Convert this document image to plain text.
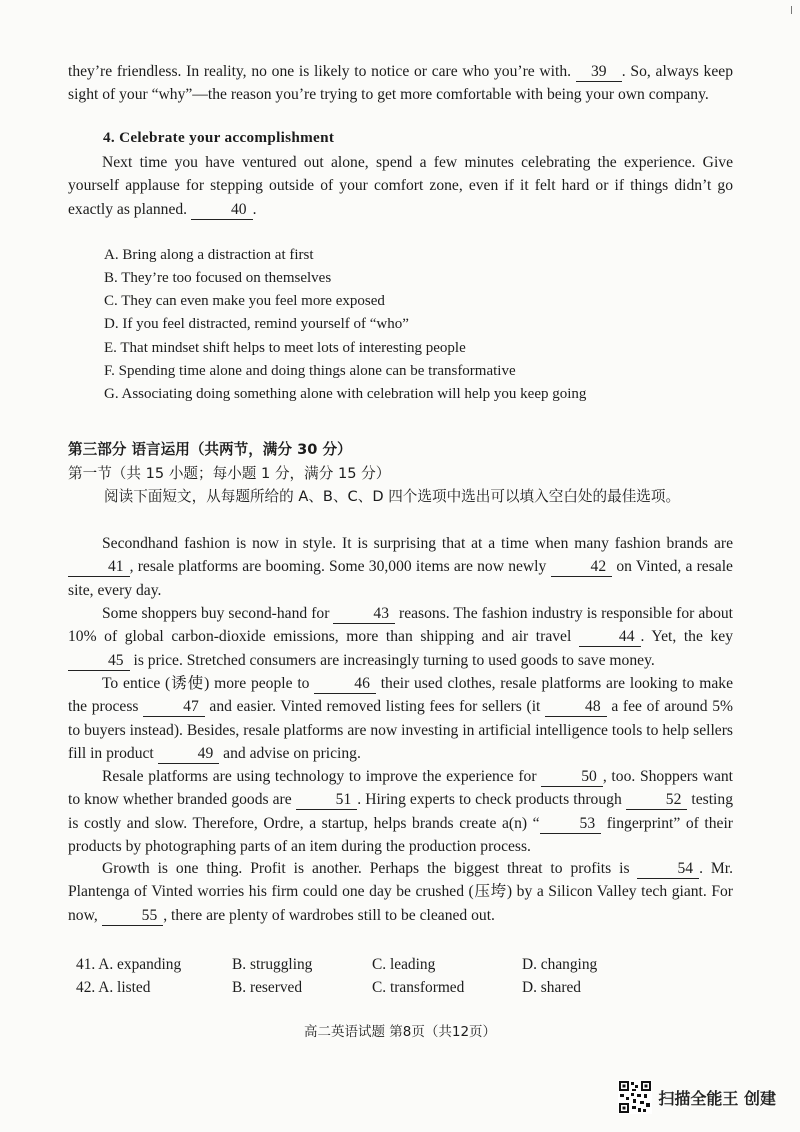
they’re friendless. In reality, no one is likely to notice or care who you’re with. 39 . So, always keep sight of your “why”—the reason you’re trying to get more comfortable with being your own company.
4. Celebrate your accomplishment
Next time you have ventured out alone, spend a few minutes celebrating the experience. Give yourself applause for stepping outside of your comfort zone, even if it felt hard or if things didn’t go exactly as planned.	40 .
A. Bring along a distraction at first
B. They’re too focused on themselves
C. They can even make you feel more exposed
D. If you feel distracted, remind yourself of “who”
E. That mindset shift helps to meet lots of interesting people
F. Spending time alone and doing things alone can be transformative
G. Associating doing something alone with celebration will help you keep going
第三部分 语言运用（共两节，满分 30 分）
第一节（共 15 小题；每小题 1 分，满分 15 分）
阅读下面短文，从每题所给的 A、B、C、D 四个选项中选出可以填入空白处的最佳选项。
Secondhand fashion is now in style. It is surprising that at a time when many fashion brands are 41 , resale platforms are booming. Some 30,000 items are now newly	42 on Vinted, a resale site, every day.
Some shoppers buy second-hand for	43 reasons. The fashion industry is responsible for about 10% of global carbon-dioxide emissions, more than shipping and air travel	44 . Yet, the key 45 is price. Stretched consumers are increasingly turning to used goods to save money.
To entice (诱使) more people to	46 their used clothes, resale platforms are looking to make the process	47 and easier. Vinted removed listing fees for sellers (it	48 a fee of around 5% to buyers instead). Besides, resale platforms are now investing in artificial intelligence tools to help sellers fill in product	49 and advise on pricing.
Resale platforms are using technology to improve the experience for	50 , too. Shoppers want to know whether branded goods are	51 . Hiring experts to check products through	52 testing is costly and slow. Therefore, Ordre, a startup, helps brands create a(n) “	53 fingerprint” of their products by photographing parts of an item during the production process.
Growth is one thing. Profit is another. Perhaps the biggest threat to profits is	54 . Mr. Plantenga of Vinted worries his firm could one day be crushed (压垮) by a Silicon Valley tech giant. For now,	55 , there are plenty of wardrobes still to be cleaned out.
41. A. expanding	B. struggling	C. leading	D. changing
42. A. listed	B. reserved	C. transformed	D. shared
高二英语试题 第8页（共12页）
扫描全能王 创建
